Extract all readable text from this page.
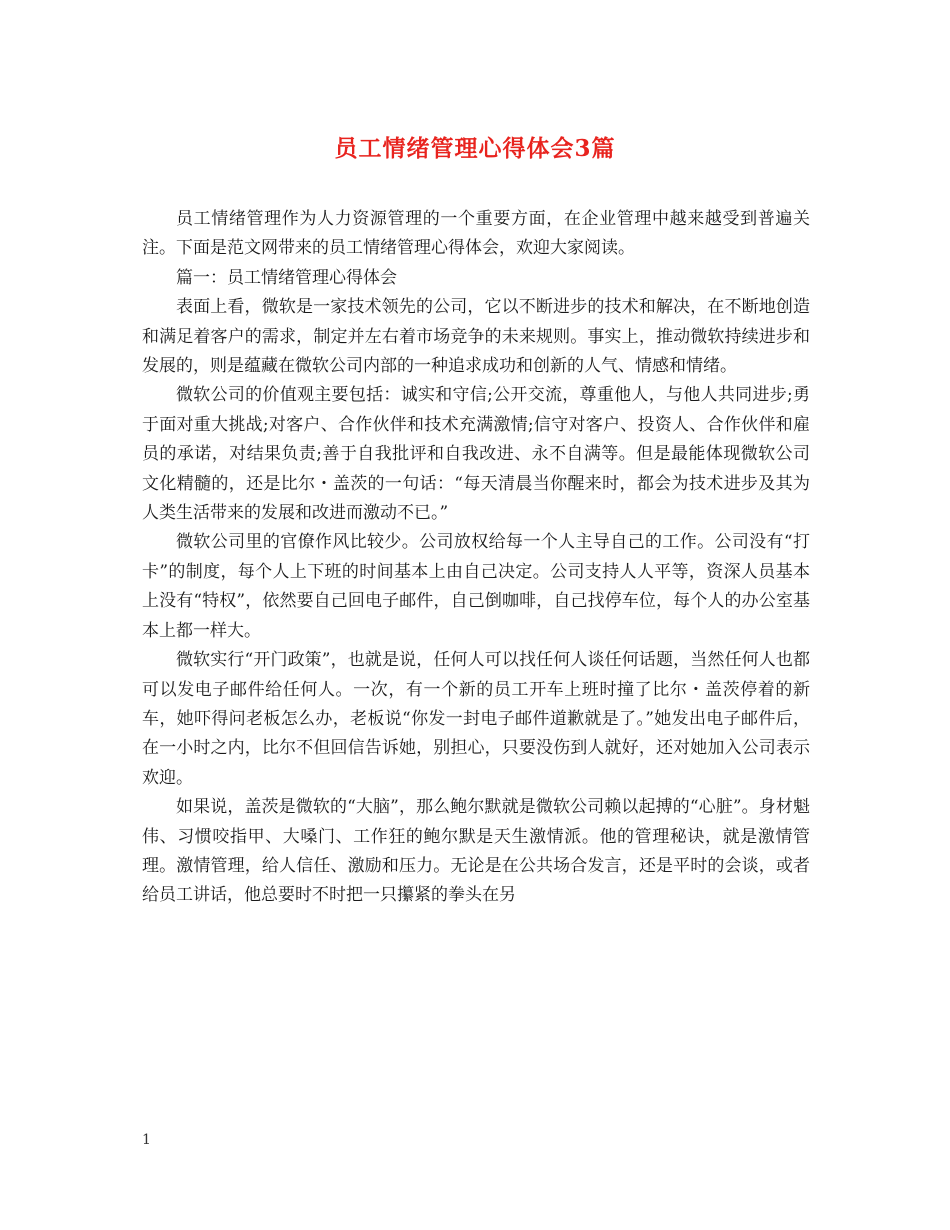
员工情绪管理心得体会3篇

员工情绪管理作为人力资源管理的一个重要方面，在企业管理中越来越受到普遍关注。下面是范文网带来的员工情绪管理心得体会，欢迎大家阅读。

篇一：员工情绪管理心得体会

表面上看，微软是一家技术领先的公司，它以不断进步的技术和解决，在不断地创造和满足着客户的需求，制定并左右着市场竞争的未来规则。事实上，推动微软持续进步和发展的，则是蕴藏在微软公司内部的一种追求成功和创新的人气、情感和情绪。

微软公司的价值观主要包括：诚实和守信;公开交流，尊重他人，与他人共同进步;勇于面对重大挑战;对客户、合作伙伴和技术充满激情;信守对客户、投资人、合作伙伴和雇员的承诺，对结果负责;善于自我批评和自我改进、永不自满等。但是最能体现微软公司文化精髓的，还是比尔・盖茨的一句话：“每天清晨当你醒来时，都会为技术进步及其为人类生活带来的发展和改进而激动不已。”

微软公司里的官僚作风比较少。公司放权给每一个人主导自己的工作。公司没有“打卡”的制度，每个人上下班的时间基本上由自己决定。公司支持人人平等，资深人员基本上没有“特权”，依然要自己回电子邮件，自己倒咖啡，自己找停车位，每个人的办公室基本上都一样大。

微软实行“开门政策”，也就是说，任何人可以找任何人谈任何话题，当然任何人也都可以发电子邮件给任何人。一次，有一个新的员工开车上班时撞了比尔・盖茨停着的新车，她吓得问老板怎么办，老板说“你发一封电子邮件道歉就是了。”她发出电子邮件后，在一小时之内，比尔不但回信告诉她，别担心，只要没伤到人就好，还对她加入公司表示欢迎。

如果说，盖茨是微软的“大脑”，那么鲍尔默就是微软公司赖以起搏的“心脏”。身材魁伟、习惯咬指甲、大嗓门、工作狂的鲍尔默是天生激情派。他的管理秘诀，就是激情管理。激情管理，给人信任、激励和压力。无论是在公共场合发言，还是平时的会谈，或者给员工讲话，他总要时不时把一只攥紧的拳头在另

1
